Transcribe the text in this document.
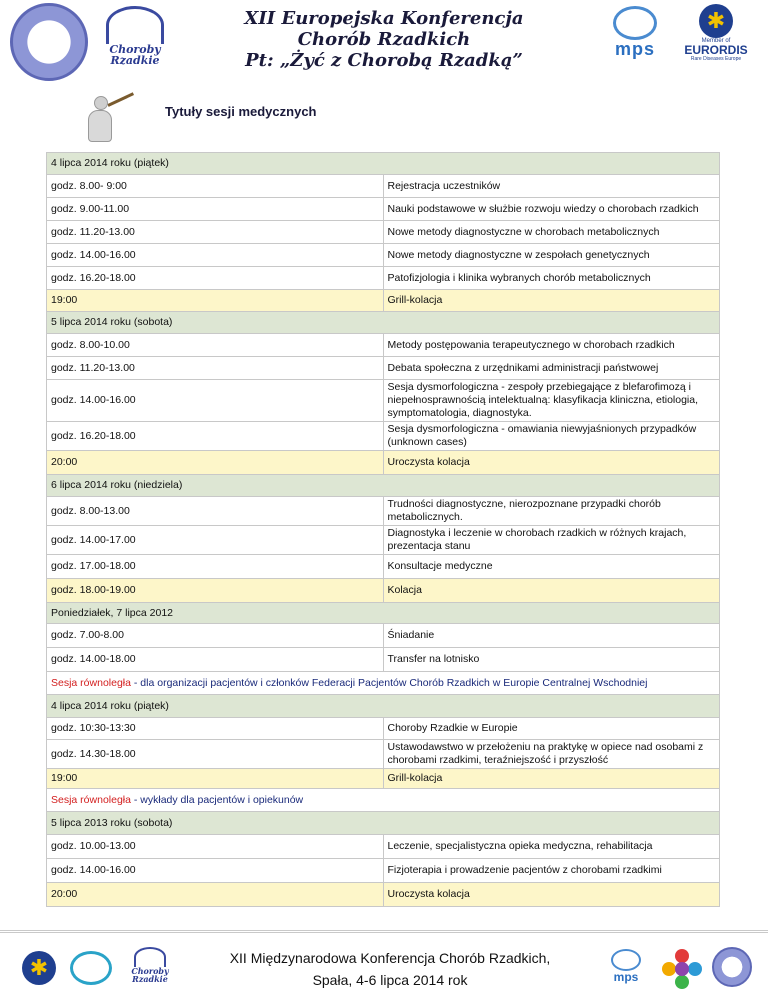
Choroby
Rzadkie
XII Europejska Konferencja
Chorób Rzadkich
Pt: „Żyć z Chorobą Rzadką”
mps
✱
Member of
EURORDIS
Rare Diseases Europe
Tytuły sesji medycznych
4 lipca 2014 roku (piątek)	
godz. 8.00- 9:00	Rejestracja uczestników
godz. 9.00-11.00	Nauki podstawowe w służbie rozwoju wiedzy o chorobach rzadkich
godz. 11.20-13.00	Nowe metody diagnostyczne w chorobach metabolicznych
godz. 14.00-16.00	Nowe metody diagnostyczne w zespołach genetycznych
godz. 16.20-18.00	Patofizjologia i klinika wybranych chorób metabolicznych
19:00	Grill-kolacja
5 lipca 2014 roku (sobota)	
godz. 8.00-10.00	Metody postępowania terapeutycznego w chorobach rzadkich
godz. 11.20-13.00	Debata społeczna z urzędnikami administracji państwowej
godz. 14.00-16.00	Sesja dysmorfologiczna - zespoły przebiegające z blefarofimozą i niepełnosprawnością intelektualną: klasyfikacja kliniczna, etiologia, symptomatologia, diagnostyka.
godz. 16.20-18.00	Sesja dysmorfologiczna - omawiania niewyjaśnionych przypadków (unknown cases)
20:00	Uroczysta kolacja
6 lipca 2014 roku (niedziela)	
godz. 8.00-13.00	Trudności diagnostyczne, nierozpoznane przypadki chorób metabolicznych.
godz. 14.00-17.00	Diagnostyka i leczenie w chorobach rzadkich w różnych krajach, prezentacja stanu
godz. 17.00-18.00	Konsultacje medyczne
godz. 18.00-19.00	Kolacja
Poniedziałek, 7 lipca 2012	
godz. 7.00-8.00	Śniadanie
godz. 14.00-18.00	Transfer na lotnisko
Sesja równoległa - dla organizacji pacjentów i członków Federacji Pacjentów Chorób Rzadkich w Europie Centralnej Wschodniej	
4 lipca 2014 roku (piątek)	
godz. 10:30-13:30	Choroby Rzadkie w Europie
godz. 14.30-18.00	Ustawodawstwo w przełożeniu na praktykę w opiece nad osobami z chorobami rzadkimi, teraźniejszość i przyszłość
19:00	Grill-kolacja
Sesja równoległa - wykłady dla pacjentów i opiekunów	
5 lipca 2013 roku (sobota)	
godz. 10.00-13.00	Leczenie, specjalistyczna opieka medyczna, rehabilitacja
godz. 14.00-16.00	Fizjoterapia i prowadzenie pacjentów z chorobami rzadkimi
20:00	Uroczysta kolacja
✱	Choroby
Rzadkie
XII Międzynarodowa Konferencja Chorób Rzadkich,
Spała, 4-6 lipca 2014 rok	mps
